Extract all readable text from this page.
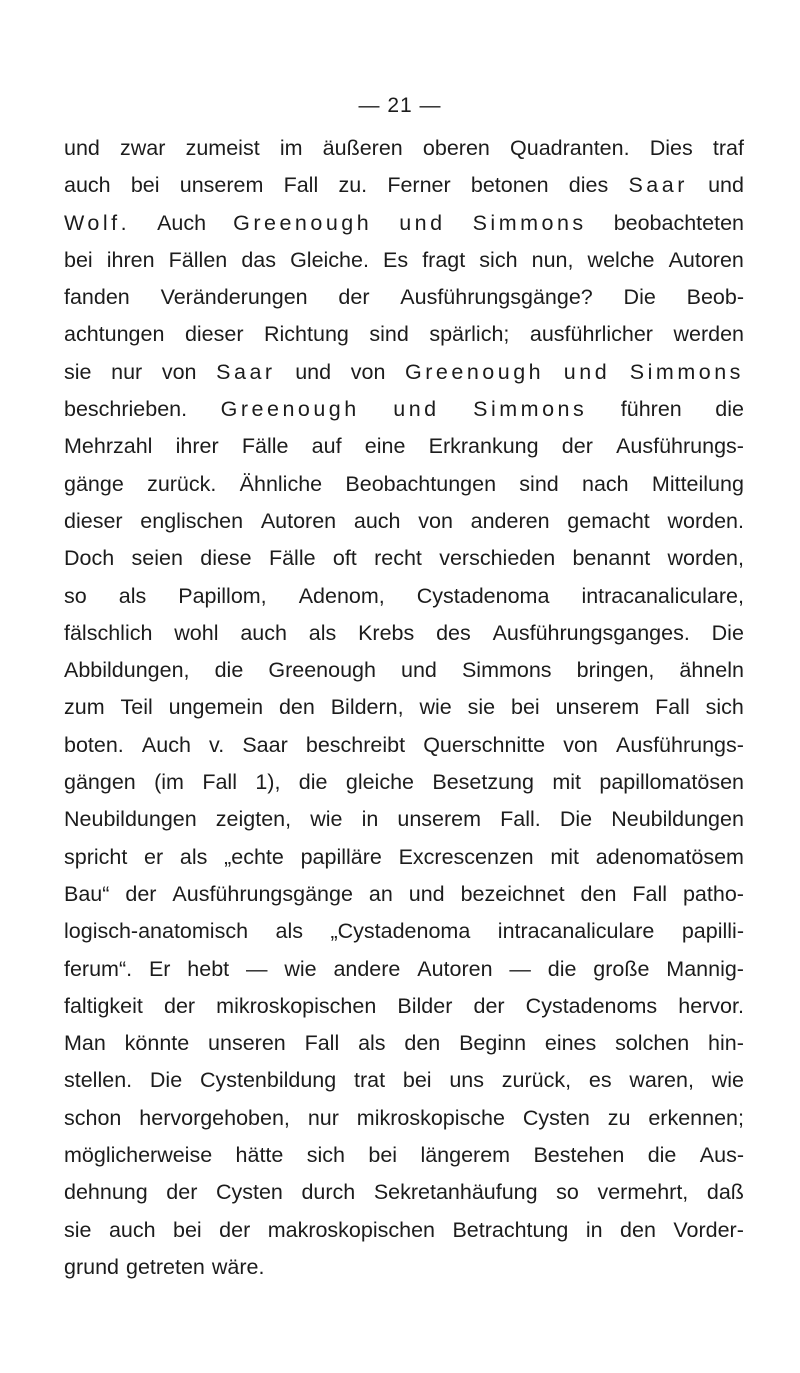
— 21 —
und zwar zumeist im äußeren oberen Quadranten. Dies traf
auch bei unserem Fall zu. Ferner betonen dies Saar und
Wolf. Auch Greenough und Simmons beobachteten
bei ihren Fällen das Gleiche. Es fragt sich nun, welche Autoren
fanden Veränderungen der Ausführungsgänge? Die Beob-
achtungen dieser Richtung sind spärlich; ausführlicher werden
sie nur von Saar und von Greenough und Simmons
beschrieben. Greenough und Simmons führen die
Mehrzahl ihrer Fälle auf eine Erkrankung der Ausführungs-
gänge zurück. Ähnliche Beobachtungen sind nach Mitteilung
dieser englischen Autoren auch von anderen gemacht worden.
Doch seien diese Fälle oft recht verschieden benannt worden,
so als Papillom, Adenom, Cystadenoma intracanaliculare,
fälschlich wohl auch als Krebs des Ausführungsganges. Die
Abbildungen, die Greenough und Simmons bringen, ähneln
zum Teil ungemein den Bildern, wie sie bei unserem Fall sich
boten. Auch v. Saar beschreibt Querschnitte von Ausführungs-
gängen (im Fall 1), die gleiche Besetzung mit papillomatösen
Neubildungen zeigten, wie in unserem Fall. Die Neubildungen
spricht er als „echte papilläre Excrescenzen mit adenomatösem
Bau“ der Ausführungsgänge an und bezeichnet den Fall patho-
logisch-anatomisch als „Cystadenoma intracanaliculare papilli-
ferum“. Er hebt — wie andere Autoren — die große Mannig-
faltigkeit der mikroskopischen Bilder der Cystadenoms hervor.
Man könnte unseren Fall als den Beginn eines solchen hin-
stellen. Die Cystenbildung trat bei uns zurück, es waren, wie
schon hervorgehoben, nur mikroskopische Cysten zu erkennen;
möglicherweise hätte sich bei längerem Bestehen die Aus-
dehnung der Cysten durch Sekretanhäufung so vermehrt, daß
sie auch bei der makroskopischen Betrachtung in den Vorder-
grund getreten wäre.
